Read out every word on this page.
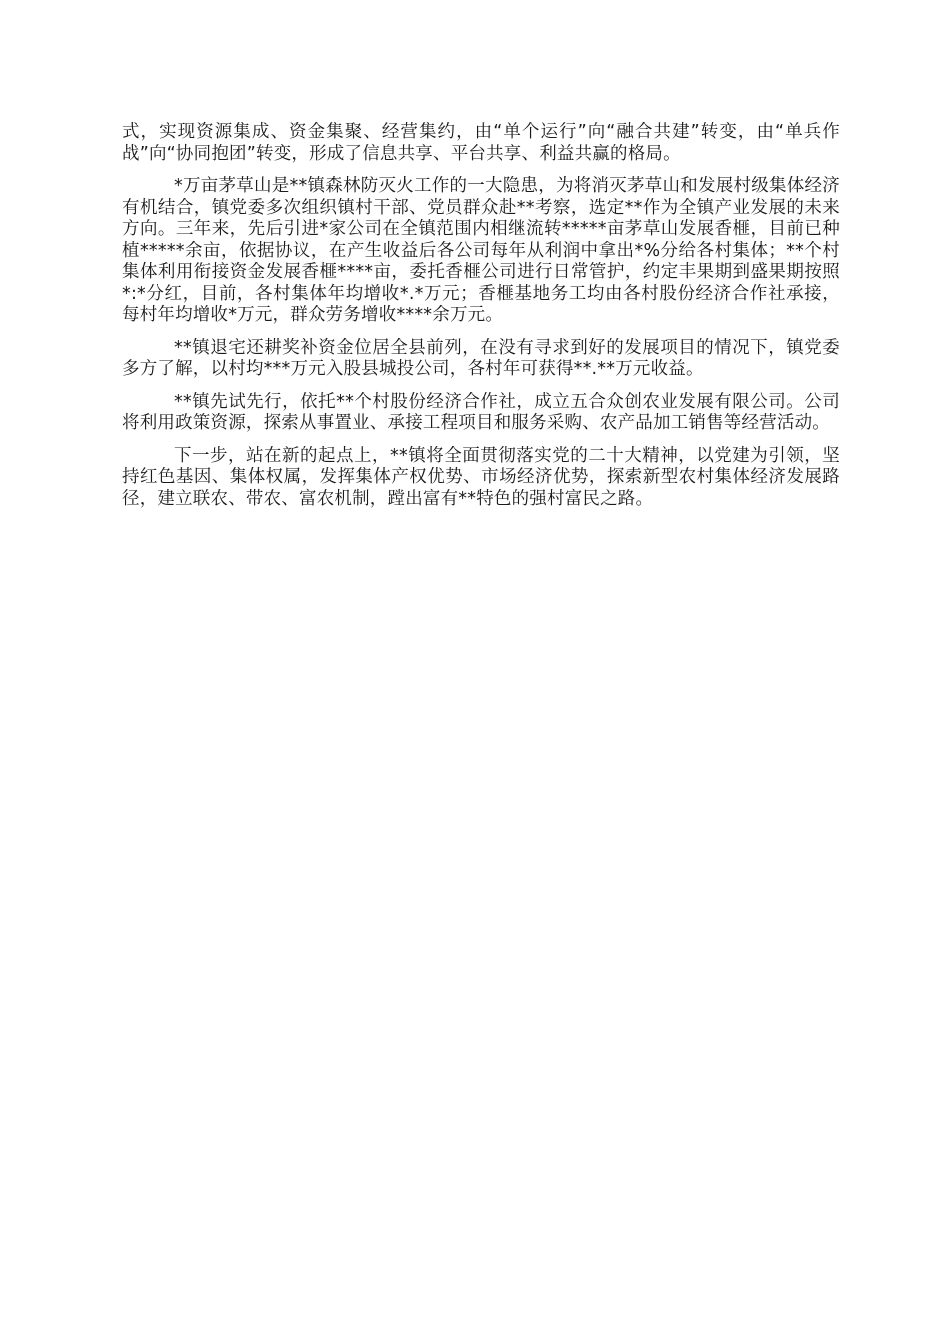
式，实现资源集成、资金集聚、经营集约，由“单个运行”向“融合共建”转变，由“单兵作战”向“协同抱团”转变，形成了信息共享、平台共享、利益共赢的格局。

*万亩茅草山是**镇森林防灭火工作的一大隐患，为将消灭茅草山和发展村级集体经济有机结合，镇党委多次组织镇村干部、党员群众赴**考察，选定**作为全镇产业发展的未来方向。三年来，先后引进*家公司在全镇范围内相继流转*****亩茅草山发展香榧，目前已种植*****余亩，依据协议，在产生收益后各公司每年从利润中拿出*%分给各村集体；**个村集体利用衔接资金发展香榧****亩，委托香榧公司进行日常管护，约定丰果期到盛果期按照*:*分红，目前，各村集体年均增收*.*万元；香榧基地务工均由各村股份经济合作社承接，每村年均增收*万元，群众劳务增收****余万元。

**镇退宅还耕奖补资金位居全县前列，在没有寻求到好的发展项目的情况下，镇党委多方了解，以村均***万元入股县城投公司，各村年可获得**.**万元收益。

**镇先试先行，依托**个村股份经济合作社，成立五合众创农业发展有限公司。公司将利用政策资源，探索从事置业、承接工程项目和服务采购、农产品加工销售等经营活动。

下一步，站在新的起点上，**镇将全面贯彻落实党的二十大精神，以党建为引领，坚持红色基因、集体权属，发挥集体产权优势、市场经济优势，探索新型农村集体经济发展路径，建立联农、带农、富农机制，蹚出富有**特色的强村富民之路。
